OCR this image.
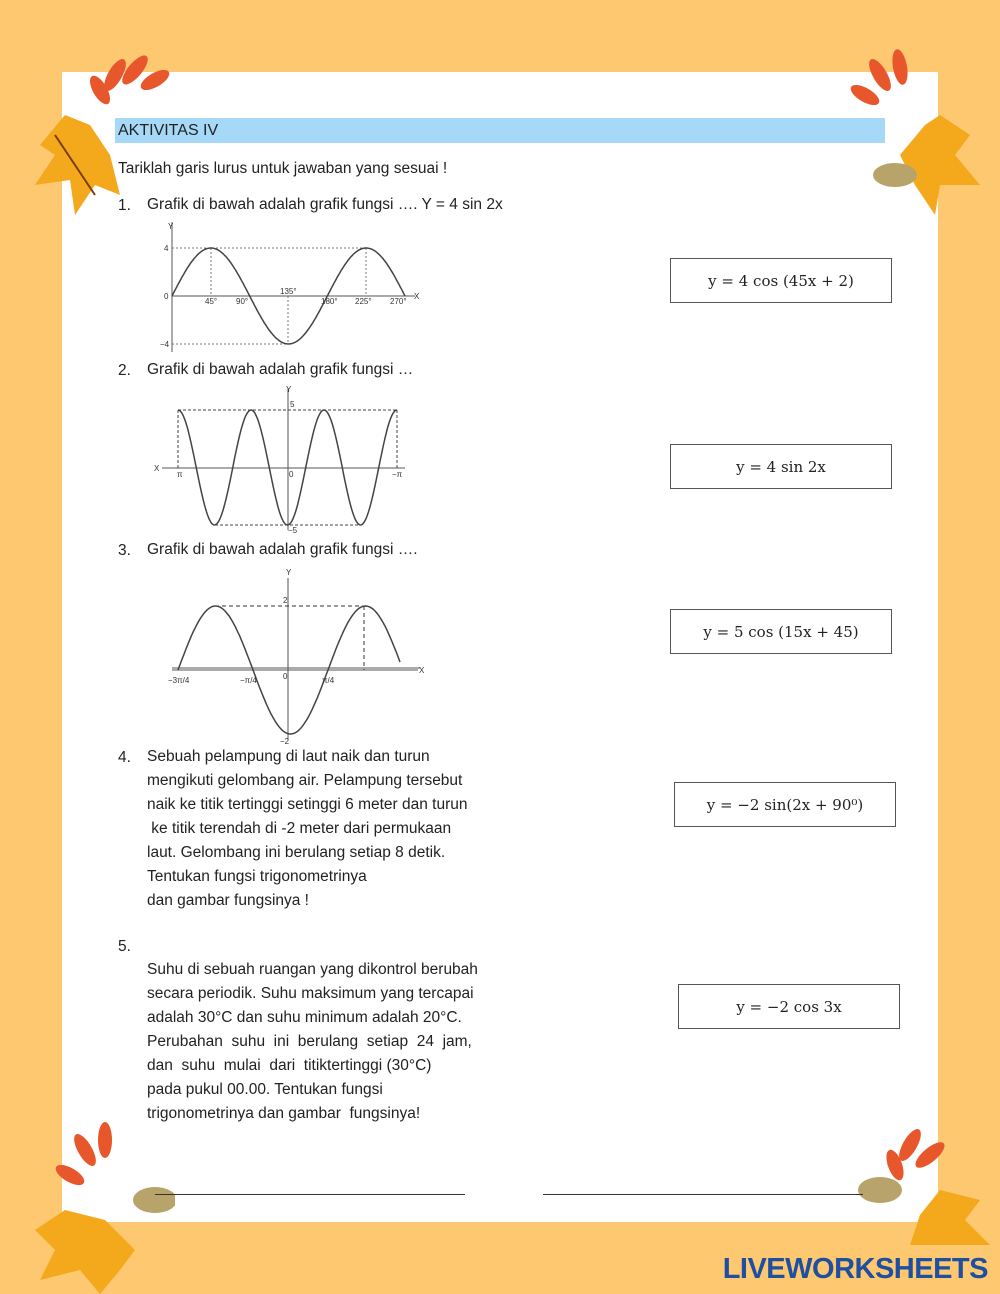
AKTIVITAS IV
Tariklah garis lurus untuk jawaban yang sesuai !
1. Grafik di bawah adalah grafik fungsi …. Y = 4 sin 2x
2. Grafik di bawah adalah grafik fungsi …
3. Grafik di bawah adalah grafik fungsi ….
4. Sebuah pelampung di laut naik dan turun
mengikuti gelombang air. Pelampung tersebut
naik ke titik tertinggi setinggi 6 meter dan turun
ke titik terendah di -2 meter dari permukaan
laut. Gelombang ini berulang setiap 8 detik.
Tentukan fungsi trigonometrinya
dan gambar fungsinya !
5.

Suhu di sebuah ruangan yang dikontrol berubah
secara periodik. Suhu maksimum yang tercapai
adalah 30°C dan suhu minimum adalah 20°C.
Perubahan  suhu  ini  berulang  setiap  24  jam,
dan  suhu  mulai  dari  titiktertinggi (30°C)
pada pukul 00.00. Tentukan fungsi
trigonometrinya dan gambar  fungsinya!
y = 4 cos (45x + 2)
y = 4 sin 2x
y = 5 cos (15x + 45)
y = −2 sin(2x + 90⁰)
y = −2 cos 3x
Y
X
4
0
−4
45° 90°
135°
180° 225° 270°
Y
X
5
−5
0
π	−π
Y
X
2
−2
0
−3π/4	−π/4	π/4
LIVEWORKSHEETS
